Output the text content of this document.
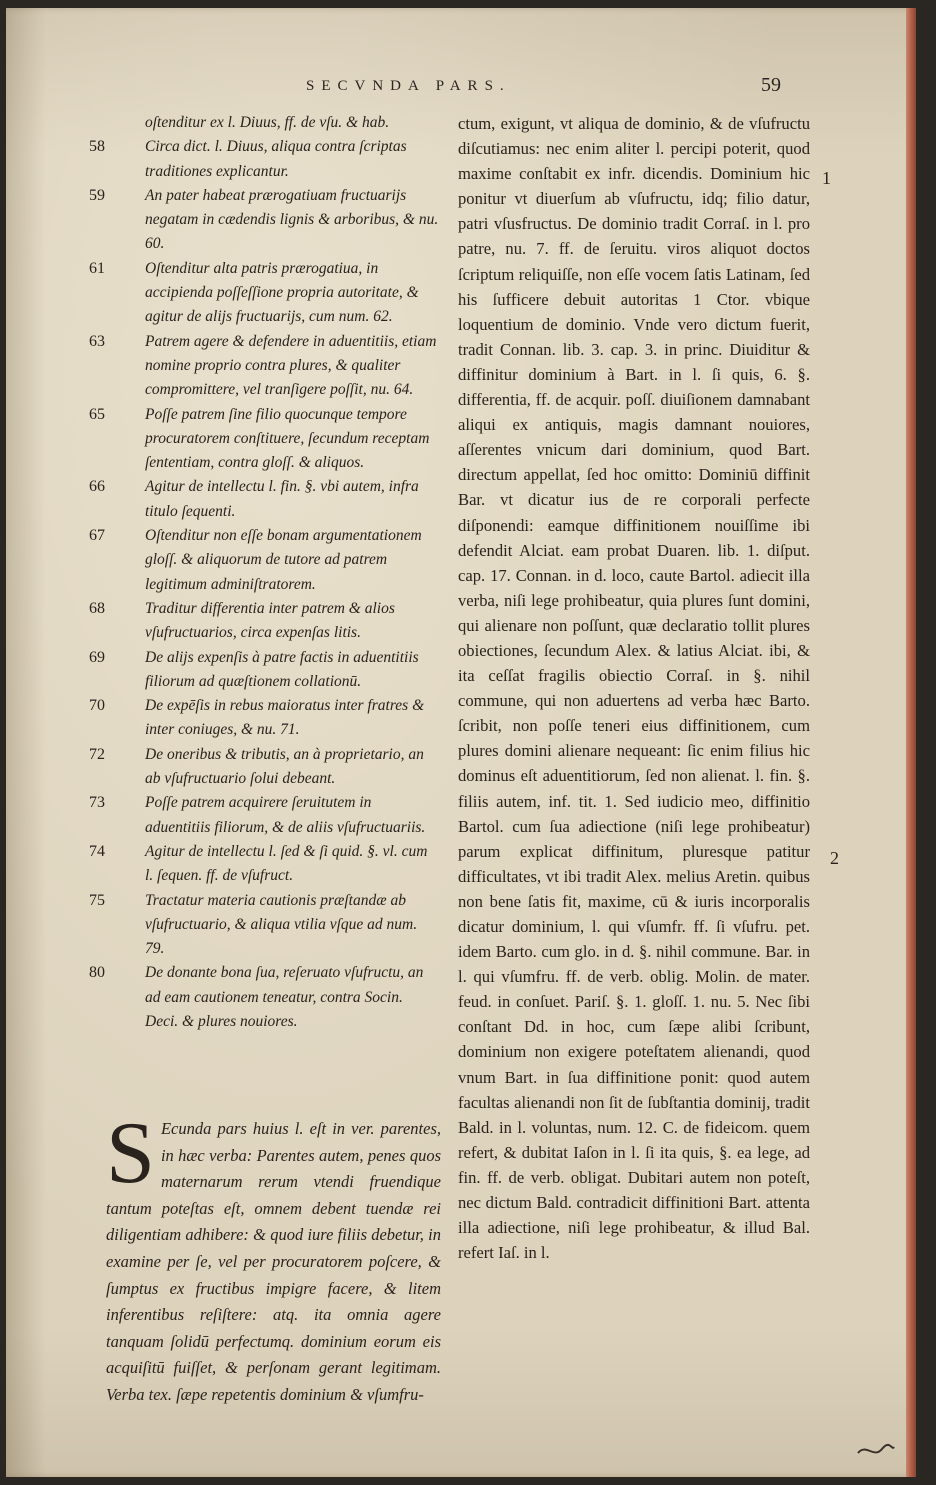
SECVNDA PARS.	59
oſtenditur ex l. Diuus, ff. de vſu. & hab.
58	Circa dict. l. Diuus, aliqua contra ſcriptas traditiones explicantur.
59	An pater habeat prærogatiuam fructuarijs negatam in cædendis lignis & arboribus, & nu. 60.
61	Oſtenditur alta patris prærogatiua, in accipienda poſſeſſione propria autoritate, & agitur de alijs fructuarijs, cum num. 62.
63	Patrem agere & defendere in aduentitiis, etiam nomine proprio contra plures, & qualiter compromittere, vel tranſigere poſſit, nu. 64.
65	Poſſe patrem ſine filio quocunque tempore procuratorem conſtituere, ſecundum receptam ſententiam, contra gloſſ. & aliquos.
66	Agitur de intellectu l. fin. §. vbi autem, infra titulo ſequenti.
67	Oſtenditur non eſſe bonam argumentationem gloſſ. & aliquorum de tutore ad patrem legitimum adminiſtratorem.
68	Traditur differentia inter patrem & alios vſufructuarios, circa expenſas litis.
69	De alijs expenſis à patre factis in aduentitiis filiorum ad quæſtionem collationū.
70	De expēſis in rebus maioratus inter fratres & inter coniuges, & nu. 71.
72	De oneribus & tributis, an à proprietario, an ab vſufructuario ſolui debeant.
73	Poſſe patrem acquirere ſeruitutem in aduentitiis filiorum, & de aliis vſufructuariis.
74	Agitur de intellectu l. ſed & ſi quid. §. vl. cum l. ſequen. ff. de vſufruct.
75	Tractatur materia cautionis præſtandæ ab vſufructuario, & aliqua vtilia vſque ad num. 79.
80	De donante bona ſua, reſeruato vſufructu, an ad eam cautionem teneatur, contra Socin. Deci. & plures nouiores.
S Ecunda pars huius l. eſt in ver. parentes, in hæc verba: Parentes autem, penes quos maternarum rerum vtendi fruendique tantum poteſtas eſt, omnem debent tuendæ rei diligentiam adhibere: & quod iure filiis debetur, in examine per ſe, vel per procuratorem poſcere, & ſumptus ex fructibus impigre facere, & litem inferentibus reſiſtere: atq. ita omnia agere tanquam ſolidū perfectumq. dominium eorum eis acquiſitū fuiſſet, & perſonam gerant legitimam. Verba tex. ſæpe repetentis dominium & vſumfru-
ctum, exigunt, vt aliqua de dominio, & de vſufructu diſcutiamus: nec enim aliter l. percipi poterit, quod maxime conſtabit ex infr. dicendis. Dominium hic ponitur vt diuerſum ab vſufructu, idq; filio datur, patri vſusfructus. De dominio tradit Corraſ. in l. pro patre, nu. 7. ff. de ſeruitu. viros aliquot doctos ſcriptum reliquiſſe, non eſſe vocem ſatis Latinam, ſed his ſufficere debuit autoritas 1 Ctor. vbique loquentium de dominio. Vnde vero dictum fuerit, tradit Connan. lib. 3. cap. 3. in princ. Diuiditur & diffinitur dominium à Bart. in l. ſi quis, 6. §. differentia, ff. de acquir. poſſ. diuiſionem damnabant aliqui ex antiquis, magis damnant nouiores, aſſerentes vnicum dari dominium, quod Bart. directum appellat, ſed hoc omitto: Dominiū diffinit Bar. vt dicatur ius de re corporali perfecte diſponendi: eamque diffinitionem nouiſſime ibi defendit Alciat. eam probat Duaren. lib. 1. diſput. cap. 17. Connan. in d. loco, caute Bartol. adiecit illa verba, niſi lege prohibeatur, quia plures ſunt domini, qui alienare non poſſunt, quæ declaratio tollit plures obiectiones, ſecundum Alex. & latius Alciat. ibi, & ita ceſſat fragilis obiectio Corraſ. in §. nihil commune, qui non aduertens ad verba hæc Barto. ſcribit, non poſſe teneri eius diffinitionem, cum plures domini alienare nequeant: ſic enim filius hic dominus eſt aduentitiorum, ſed non alienat. l. fin. §. filiis autem, inf. tit. 1. Sed iudicio meo, diffinitio Bartol. cum ſua adiectione (niſi lege prohibeatur) parum explicat diffinitum, pluresque patitur difficultates, vt ibi tradit Alex. melius Aretin. quibus non bene ſatis fit, maxime, cū & iuris incorporalis dicatur dominium, l. qui vſumfr. ff. ſi vſufru. pet. idem Barto. cum glo. in d. §. nihil commune. Bar. in l. qui vſumfru. ff. de verb. oblig. Molin. de mater. feud. in conſuet. Pariſ. §. 1. gloſſ. 1. nu. 5. Nec ſibi conſtant Dd. in hoc, cum ſæpe alibi ſcribunt, dominium non exigere poteſtatem alienandi, quod vnum Bart. in ſua diffinitione ponit: quod autem facultas alienandi non ſit de ſubſtantia dominij, tradit Bald. in l. voluntas, num. 12. C. de fideicom. quem refert, & dubitat Iaſon in l. ſi ita quis, §. ea lege, ad fin. ff. de verb. obligat. Dubitari autem non poteſt, nec dictum Bald. contradicit diffinitioni Bart. attenta illa adiectione, niſi lege prohibeatur, & illud Bal. refert Iaſ. in l.
1
2
